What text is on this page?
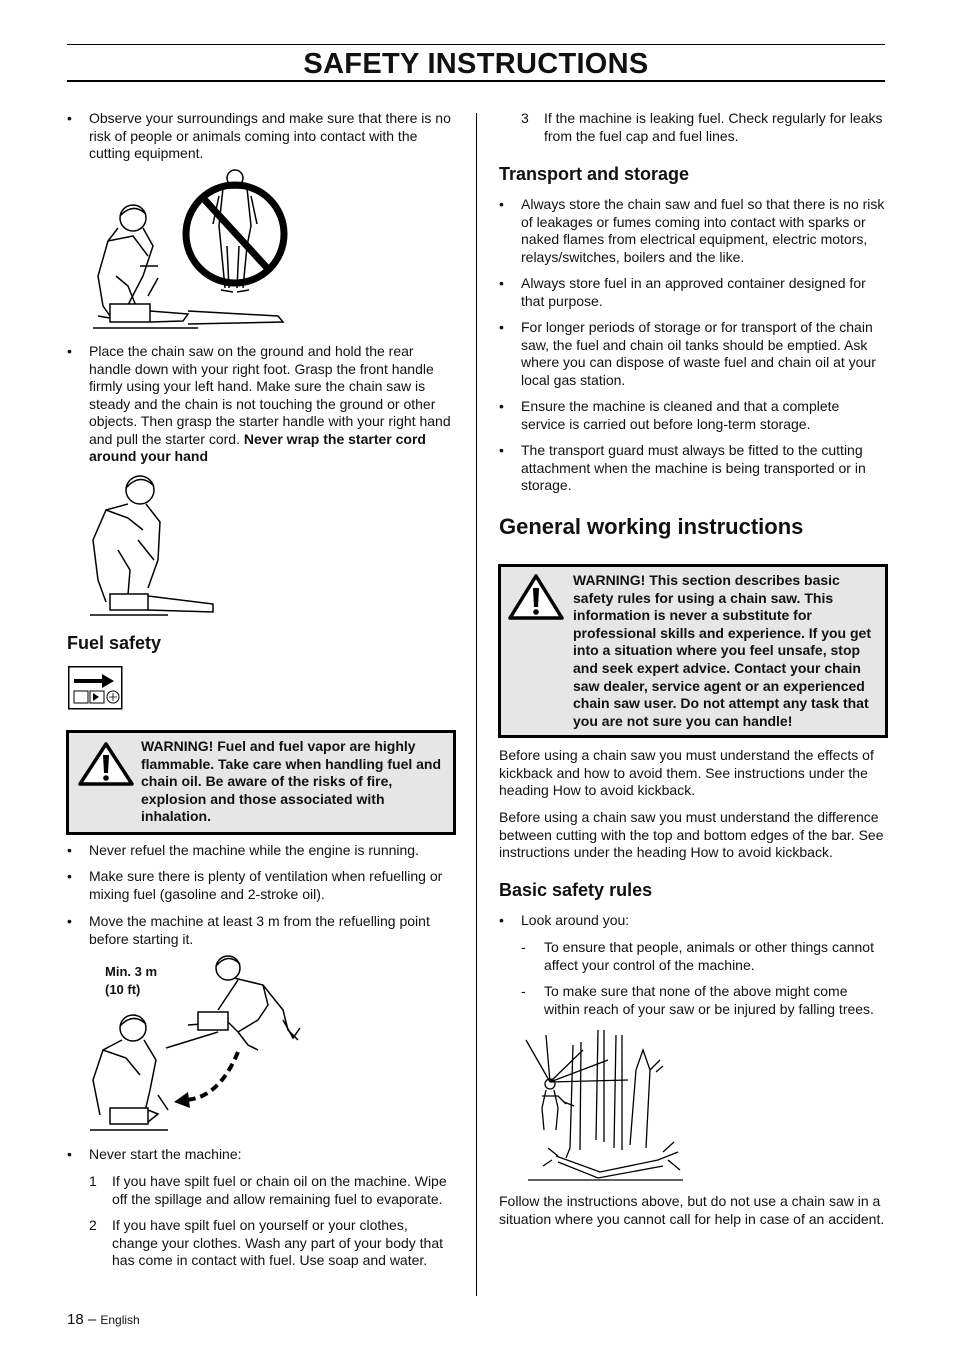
SAFETY INSTRUCTIONS
• Observe your surroundings and make sure that there is no risk of people or animals coming into contact with the cutting equipment.
• Place the chain saw on the ground and hold the rear handle down with your right foot. Grasp the front handle firmly using your left hand. Make sure the chain saw is steady and the chain is not touching the ground or other objects. Then grasp the starter handle with your right hand and pull the starter cord. Never wrap the starter cord around your hand
Fuel safety
WARNING! Fuel and fuel vapor are highly flammable. Take care when handling fuel and chain oil. Be aware of the risks of fire, explosion and those associated with inhalation.
• Never refuel the machine while the engine is running.
• Make sure there is plenty of ventilation when refuelling or mixing fuel (gasoline and 2-stroke oil).
• Move the machine at least 3 m from the refuelling point before starting it.
Min. 3 m
(10 ft)
• Never start the machine:
1 If you have spilt fuel or chain oil on the machine. Wipe off the spillage and allow remaining fuel to evaporate.
2 If you have spilt fuel on yourself or your clothes, change your clothes. Wash any part of your body that has come in contact with fuel. Use soap and water.
3 If the machine is leaking fuel. Check regularly for leaks from the fuel cap and fuel lines.
Transport and storage
• Always store the chain saw and fuel so that there is no risk of leakages or fumes coming into contact with sparks or naked flames from electrical equipment, electric motors, relays/switches, boilers and the like.
• Always store fuel in an approved container designed for that purpose.
• For longer periods of storage or for transport of the chain saw, the fuel and chain oil tanks should be emptied. Ask where you can dispose of waste fuel and chain oil at your local gas station.
• Ensure the machine is cleaned and that a complete service is carried out before long-term storage.
• The transport guard must always be fitted to the cutting attachment when the machine is being transported or in storage.
General working instructions
WARNING! This section describes basic safety rules for using a chain saw. This information is never a substitute for professional skills and experience. If you get into a situation where you feel unsafe, stop and seek expert advice. Contact your chain saw dealer, service agent or an experienced chain saw user. Do not attempt any task that you are not sure you can handle!
Before using a chain saw you must understand the effects of kickback and how to avoid them. See instructions under the heading How to avoid kickback.
Before using a chain saw you must understand the difference between cutting with the top and bottom edges of the bar. See instructions under the heading How to avoid kickback.
Basic safety rules
• Look around you:
- To ensure that people, animals or other things cannot affect your control of the machine.
- To make sure that none of the above might come within reach of your saw or be injured by falling trees.
Follow the instructions above, but do not use a chain saw in a situation where you cannot call for help in case of an accident.
18 – English
